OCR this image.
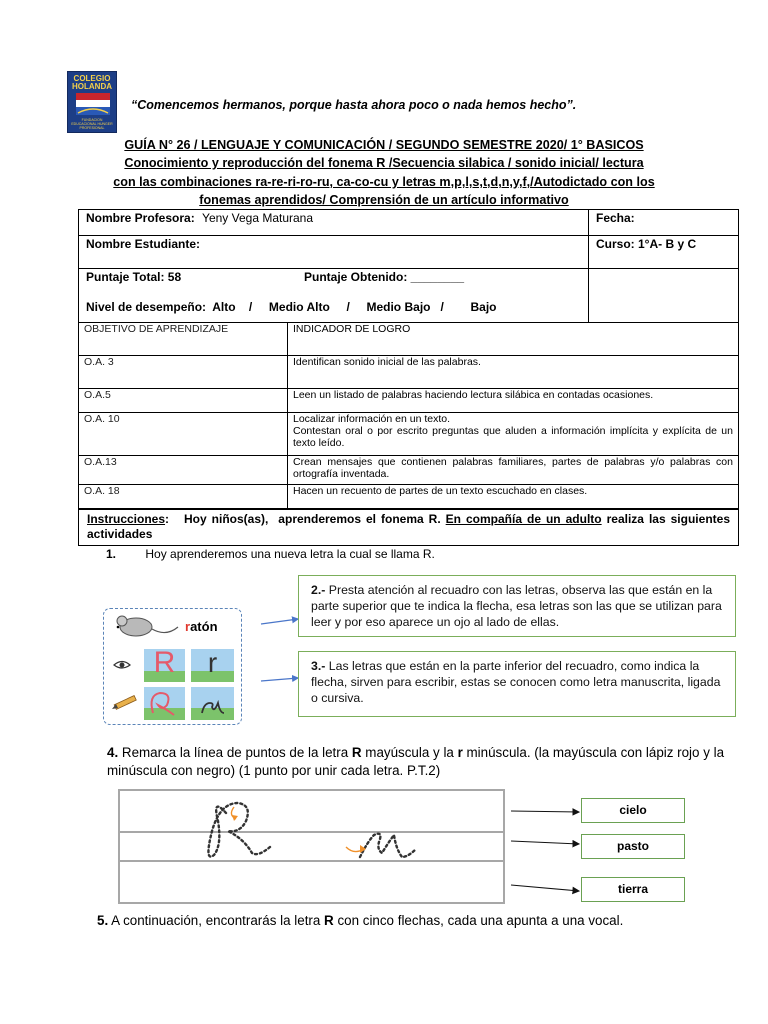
COLEGIO
HOLANDA
FUNDACION EDUCACIONAL HUNGER PROFESIONAL
“Comencemos hermanos, porque hasta ahora poco o nada hemos hecho”.
GUÍA N° 26 / LENGUAJE Y COMUNICACIÓN / SEGUNDO SEMESTRE 2020/ 1° BASICOS
Conocimiento y reproducción del fonema R /Secuencia silabica / sonido inicial/ lectura
con las combinaciones ra-re-ri-ro-ru, ca-co-cu y letras m,p,l,s,t,d,n,y,f,/Autodictado con los
fonemas aprendidos/ Comprensión de un artículo informativo
Nombre Profesora: Yeny Vega Maturana	Fecha:
Nombre Estudiante:	Curso: 1°A- B y C

Puntaje Total: 58 Puntaje Obtenido: ________
Nivel de desempeño:  Alto    /     Medio Alto     /     Medio Bajo   /        Bajo	

OBJETIVO DE APRENDIZAJE	INDICADOR DE LOGRO
O.A. 3	Identifican sonido inicial de las palabras.
O.A.5	Leen un listado de palabras haciendo lectura silábica en contadas ocasiones.
O.A. 10	Localizar información en un texto.
Contestan oral o por escrito preguntas que aluden a información implícita y explícita de un texto leído.
O.A.13	Crean mensajes que contienen palabras familiares, partes de palabras y/o palabras con ortografía inventada.
O.A. 18	Hacen un recuento de partes de un texto escuchado en clases.
Instrucciones:   Hoy niños(as),  aprenderemos el fonema R. En compañía de un adulto realiza las siguientes actividades
1. Hoy aprenderemos una nueva letra la cual se llama R.
ratón
R	r
2.- Presta atención al recuadro con las letras, observa las que están en la parte superior que te indica la flecha, esa letras son las que se utilizan para leer y por eso aparece un ojo al lado de ellas.
3.- Las letras que están en la parte inferior del recuadro, como indica la flecha, sirven para escribir, estas se conocen como letra manuscrita, ligada o cursiva.
4. Remarca la línea de puntos de la letra R mayúscula y la r minúscula. (la mayúscula con lápiz rojo y la minúscula con negro) (1 punto por unir cada letra. P.T.2)
cielo
pasto
tierra
5. A continuación, encontrarás la letra R con cinco flechas, cada una apunta a una vocal.
